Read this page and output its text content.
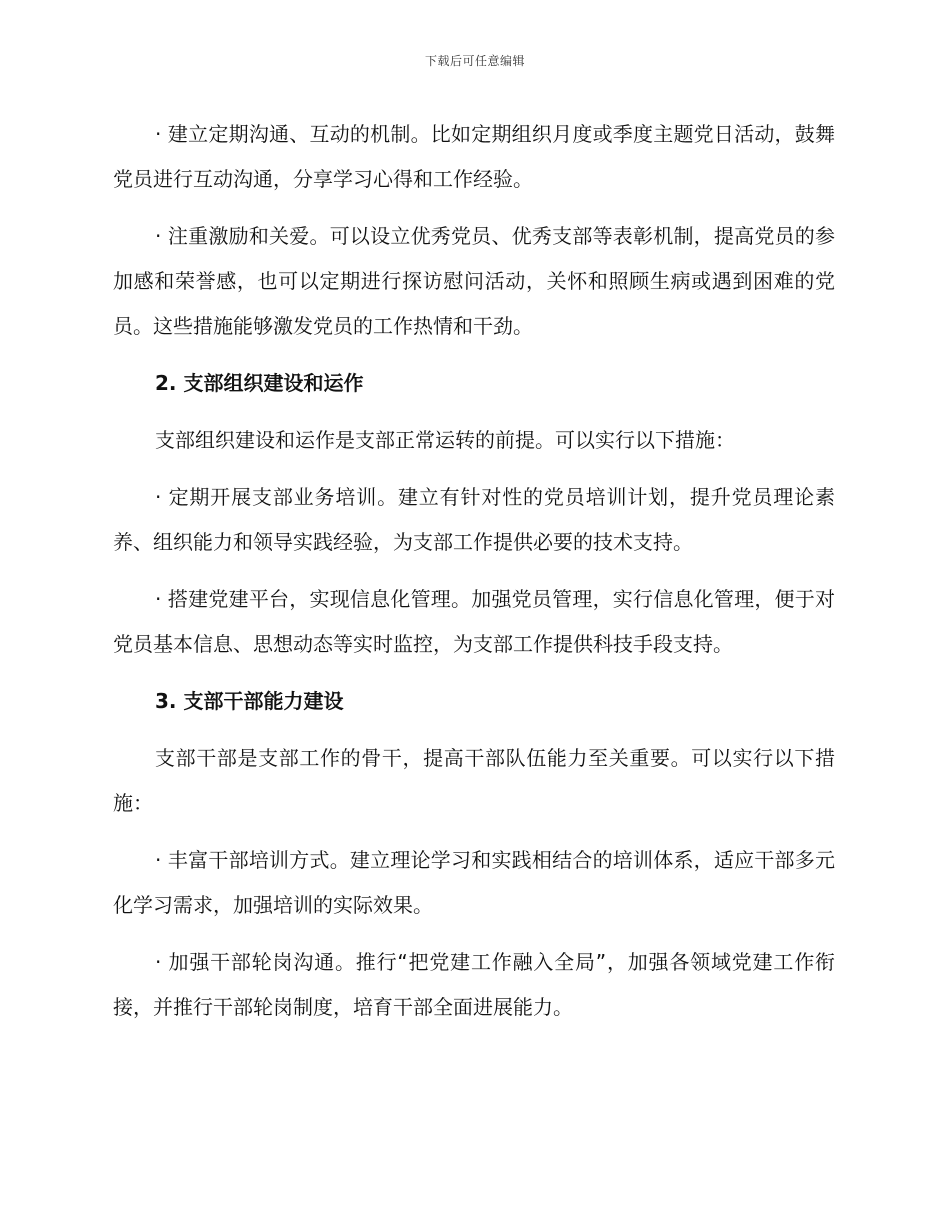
下载后可任意编辑

· 建立定期沟通、互动的机制。比如定期组织月度或季度主题党日活动，鼓舞党员进行互动沟通，分享学习心得和工作经验。

· 注重激励和关爱。可以设立优秀党员、优秀支部等表彰机制，提高党员的参加感和荣誉感，也可以定期进行探访慰问活动，关怀和照顾生病或遇到困难的党员。这些措施能够激发党员的工作热情和干劲。

2. 支部组织建设和运作

支部组织建设和运作是支部正常运转的前提。可以实行以下措施：

· 定期开展支部业务培训。建立有针对性的党员培训计划，提升党员理论素养、组织能力和领导实践经验，为支部工作提供必要的技术支持。

· 搭建党建平台，实现信息化管理。加强党员管理，实行信息化管理，便于对党员基本信息、思想动态等实时监控，为支部工作提供科技手段支持。

3. 支部干部能力建设

支部干部是支部工作的骨干，提高干部队伍能力至关重要。可以实行以下措施：

· 丰富干部培训方式。建立理论学习和实践相结合的培训体系，适应干部多元化学习需求，加强培训的实际效果。

· 加强干部轮岗沟通。推行“把党建工作融入全局”，加强各领域党建工作衔接，并推行干部轮岗制度，培育干部全面进展能力。
